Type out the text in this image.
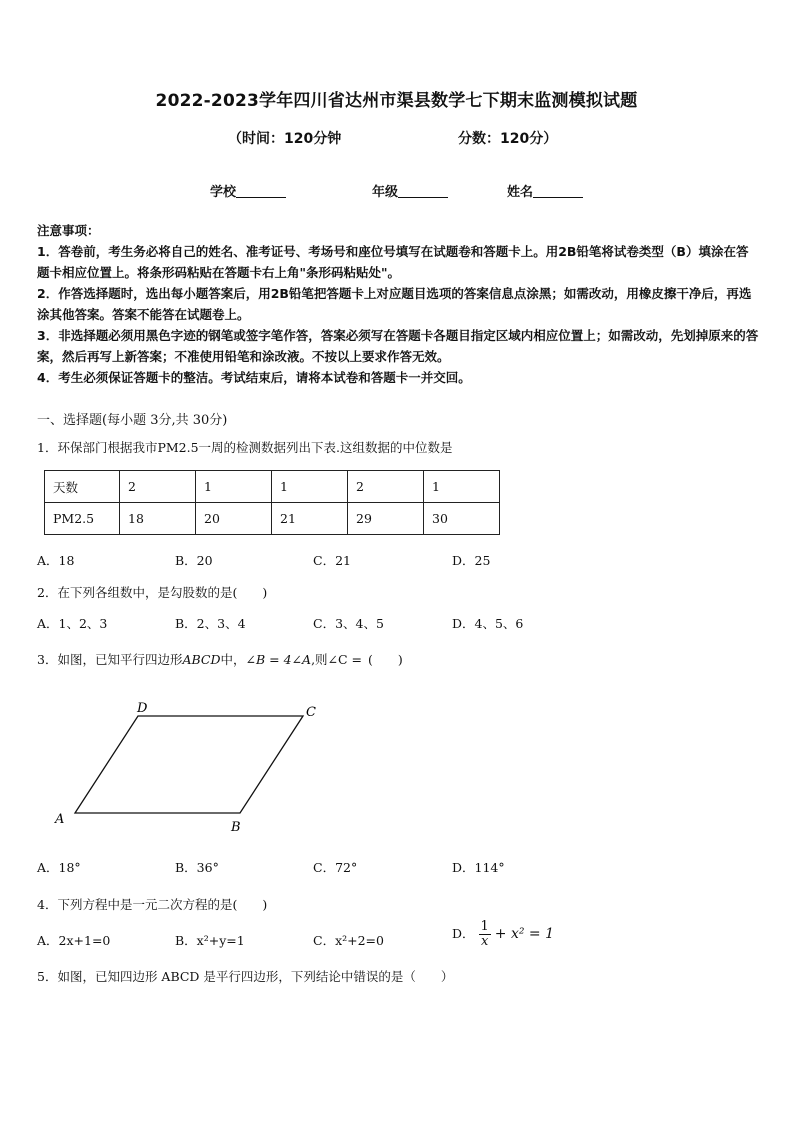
2022-2023学年四川省达州市渠县数学七下期末监测模拟试题
（时间：120分钟	分数：120分）
学校	年级	姓名

注意事项：

1．答卷前，考生务必将自己的姓名、准考证号、考场号和座位号填写在试题卷和答题卡上。用2B铅笔将试卷类型（B）填涂在答题卡相应位置上。将条形码粘贴在答题卡右上角"条形码粘贴处"。

2．作答选择题时，选出每小题答案后，用2B铅笔把答题卡上对应题目选项的答案信息点涂黑；如需改动，用橡皮擦干净后，再选涂其他答案。答案不能答在试题卷上。

3．非选择题必须用黑色字迹的钢笔或签字笔作答，答案必须写在答题卡各题目指定区域内相应位置上；如需改动，先划掉原来的答案，然后再写上新答案；不准使用铅笔和涂改液。不按以上要求作答无效。

4．考生必须保证答题卡的整洁。考试结束后，请将本试卷和答题卡一并交回。

一、选择题(每小题 3分,共 30分)
1．环保部门根据我市PM2.5一周的检测数据列出下表.这组数据的中位数是
天数	2	1	1	2	1
PM2.5	18	20	21	29	30
A．18	B．20	C．21	D．25
2．在下列各组数中，是勾股数的是(　　)
A．1、2、3	B．2、3、4	C．3、4、5	D．4、5、6
3．如图，已知平行四边形ABCD中，∠B = 4∠A,则∠C = (　　)
D	C
A
B
A．18°	B．36°	C．72°	D．114°
4．下列方程中是一元二次方程的是(　　)
A．2x+1=0	B．x²+y=1	C．x²+2=0	D． $\frac{1}{x} + x^2 = 1$
5．如图，已知四边形 ABCD 是平行四边形，下列结论中错误的是（　　）
